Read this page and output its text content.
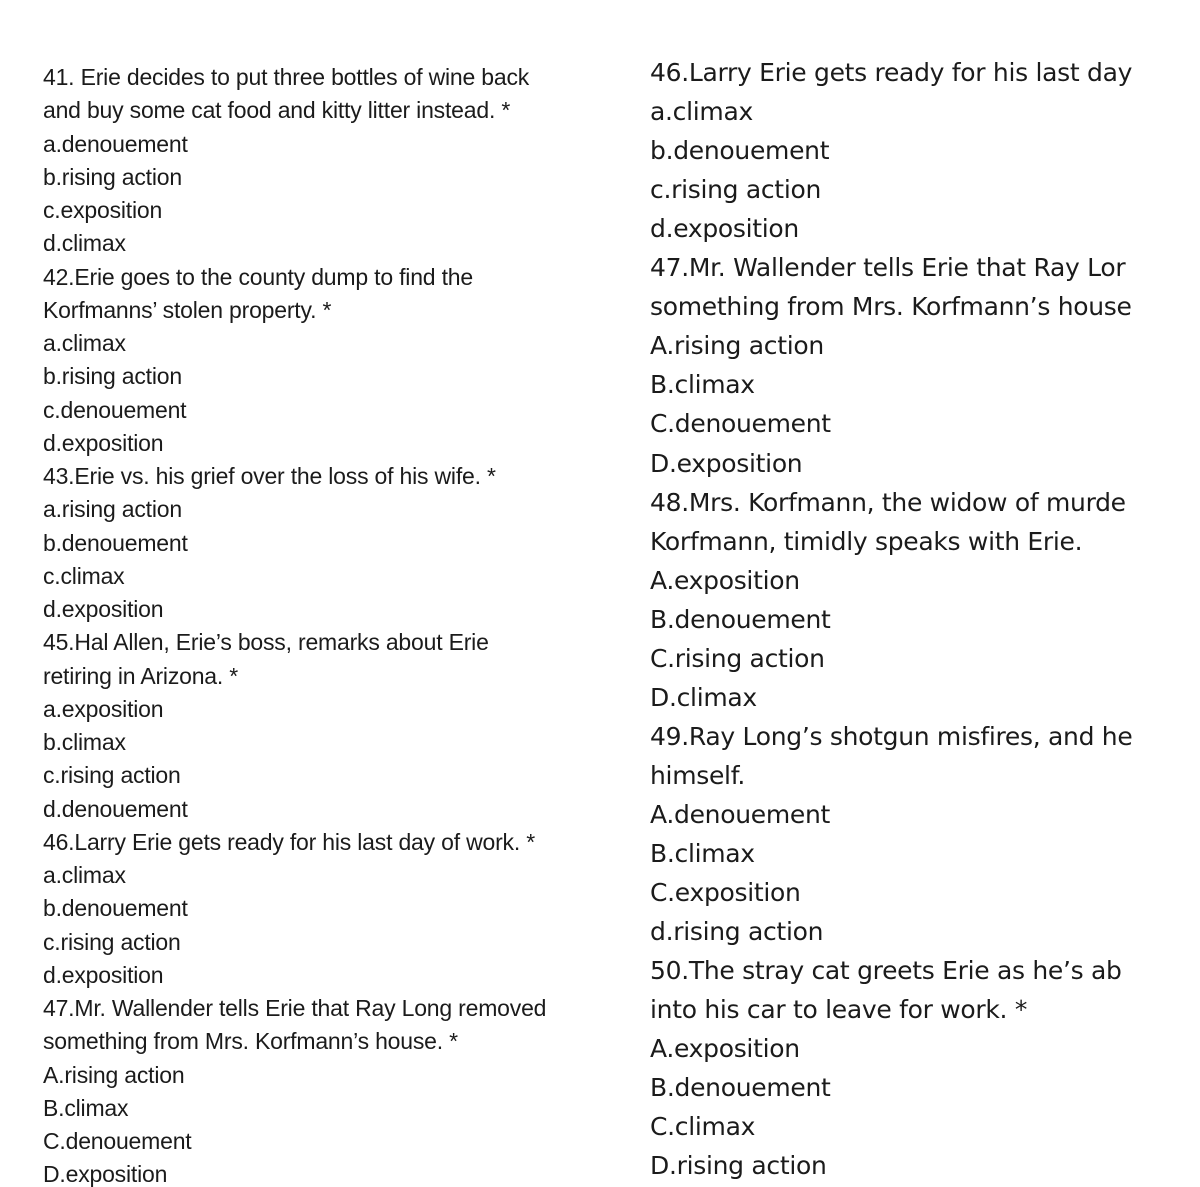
41. Erie decides to put three bottles of wine back
and buy some cat food and kitty litter instead. *
a.denouement
b.rising action
c.exposition
d.climax
42.Erie goes to the county dump to find the
Korfmanns’ stolen property. *
a.climax
b.rising action
c.denouement
d.exposition
43.Erie vs. his grief over the loss of his wife. *
a.rising action
b.denouement
c.climax
d.exposition
45.Hal Allen, Erie’s boss, remarks about Erie
retiring in Arizona. *
a.exposition
b.climax
c.rising action
d.denouement
46.Larry Erie gets ready for his last day of work. *
a.climax
b.denouement
c.rising action
d.exposition
47.Mr. Wallender tells Erie that Ray Long removed
something from Mrs. Korfmann’s house. *
A.rising action
B.climax
C.denouement
D.exposition
46.Larry Erie gets ready for his last day
a.climax
b.denouement
c.rising action
d.exposition
47.Mr. Wallender tells Erie that Ray Lor
something from Mrs. Korfmann’s house
A.rising action
B.climax
C.denouement
D.exposition
48.Mrs. Korfmann, the widow of murde
Korfmann, timidly speaks with Erie.
A.exposition
B.denouement
C.rising action
D.climax
49.Ray Long’s shotgun misfires, and he
himself.
A.denouement
B.climax
C.exposition
d.rising action
50.The stray cat greets Erie as he’s ab
into his car to leave for work. *
A.exposition
B.denouement
C.climax
D.rising action
